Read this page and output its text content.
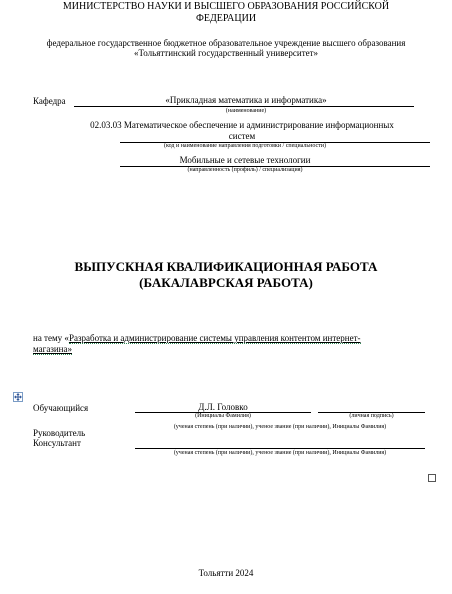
МИНИСТЕРСТВО НАУКИ И ВЫСШЕГО ОБРАЗОВАНИЯ РОССИЙСКОЙ ФЕДЕРАЦИИ
федеральное государственное бюджетное образовательное учреждение высшего образования
«Тольяттинский государственный университет»
Кафедра	«Прикладная математика и информатика»
(наименование)
02.03.03 Математическое обеспечение и администрирование информационных
систем
(код и наименование направления подготовки / специальности)
Мобильные и сетевые технологии
(направленность (профиль) / специализация)
ВЫПУСКНАЯ КВАЛИФИКАЦИОННАЯ РАБОТА
(БАКАЛАВРСКАЯ РАБОТА)
на тему «Разработка и администрирование системы управления контентом интернет-
магазина»
Обучающийся	Д.Л. Головко
(Инициалы Фамилия)	(личная подпись)
(ученая степень (при наличии), ученое звание (при наличии), Инициалы Фамилия)
Руководитель
Консультант
(ученая степень (при наличии), ученое звание (при наличии), Инициалы Фамилия)
Тольятти 2024
